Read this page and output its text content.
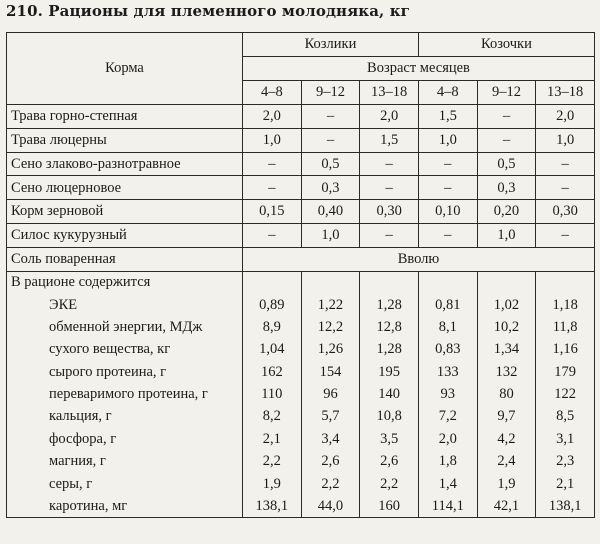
210. Рационы для племенного молодняка, кг
Корма	Козлики			Козочки		
	Возраст месяцев					
	4–8	9–12	13–18	4–8	9–12	13–18
Трава горно-степная	2,0	–	2,0	1,5	–	2,0
Трава люцерны	1,0	–	1,5	1,0	–	1,0
Сено злаково-разнотравное	–	0,5	–	–	0,5	–
Сено люцерновое	–	0,3	–	–	0,3	–
Корм зерновой	0,15	0,40	0,30	0,10	0,20	0,30
Силос кукурузный	–	1,0	–	–	1,0	–
Соль поваренная	Вволю					
В рационе содержится						
ЭКЕ	0,89	1,22	1,28	0,81	1,02	1,18
обменной энергии, МДж	8,9	12,2	12,8	8,1	10,2	11,8
сухого вещества, кг	1,04	1,26	1,28	0,83	1,34	1,16
сырого протеина, г	162	154	195	133	132	179
переваримого протеина, г	110	96	140	93	80	122
кальция, г	8,2	5,7	10,8	7,2	9,7	8,5
фосфора, г	2,1	3,4	3,5	2,0	4,2	3,1
магния, г	2,2	2,6	2,6	1,8	2,4	2,3
серы, г	1,9	2,2	2,2	1,4	1,9	2,1
каротина, мг	138,1	44,0	160	114,1	42,1	138,1
